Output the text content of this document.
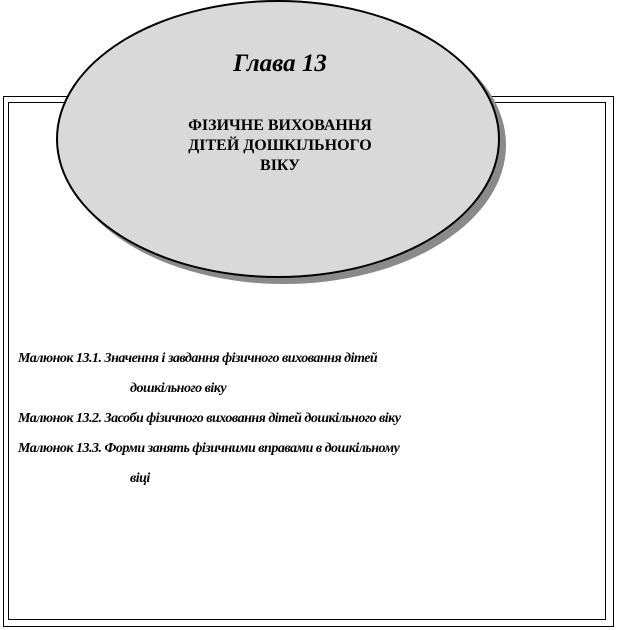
Глава 13
ФІЗИЧНЕ ВИХОВАННЯ
ДІТЕЙ ДОШКІЛЬНОГО
ВІКУ
Малюнок 13.1. Значення і завдання фізичного виховання дітей
дошкільного віку
Малюнок 13.2. Засоби фізичного виховання дітей дошкільного віку
Малюнок 13.3. Форми занять фізичними вправами в дошкільному
віці
